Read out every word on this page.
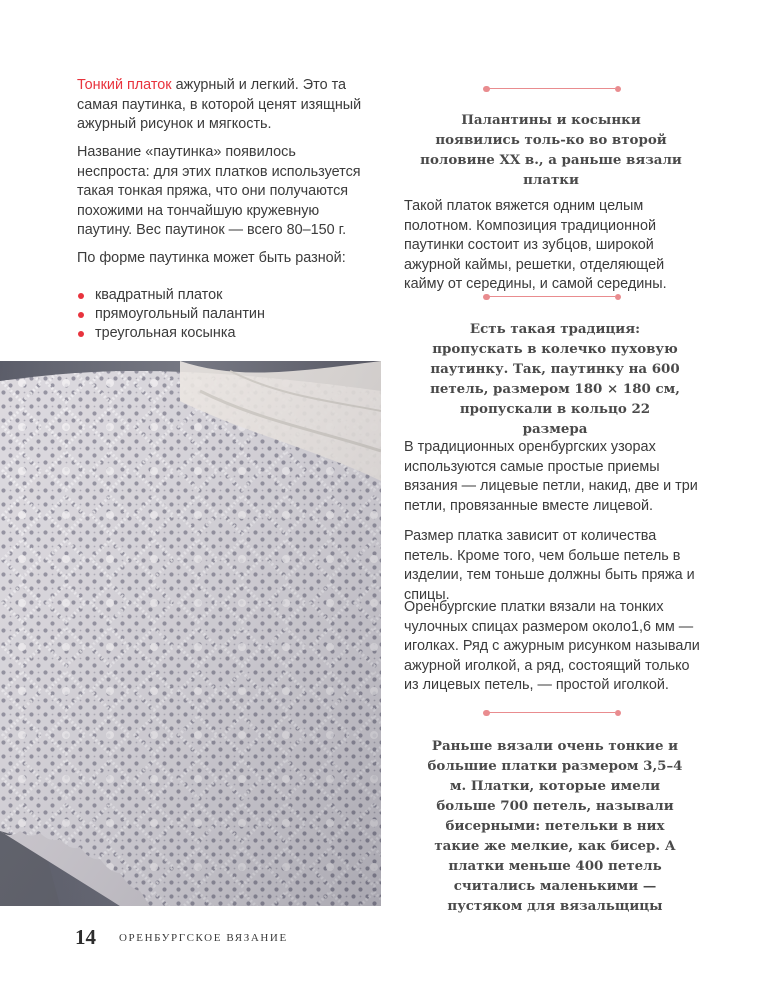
Тонкий платок ажурный и легкий. Это та самая паутинка, в которой ценят изящный ажурный рисунок и мягкость.

Название «паутинка» появилось неспроста: для этих платков используется такая тонкая пряжа, что они получаются похожими на тончайшую кружевную паутину. Вес паутинок — всего 80–150 г.

По форме паутинка может быть разной:

квадратный платок
прямоугольный палантин
треугольная косынка

Палантины и косынки появились толь-ко во второй половине XX в., а раньше вязали платки

Такой платок вяжется одним целым полотном. Композиция традиционной паутинки состоит из зубцов, широкой ажурной каймы, решетки, отделяющей кайму от середины, и самой середины.

Есть такая традиция: пропускать в колечко пуховую паутинку. Так, паутинку на 600 петель, размером 180 × 180 см, пропускали в кольцо 22 размера

В традиционных оренбургских узорах используются самые простые приемы вязания — лицевые петли, накид, две и три петли, провязанные вместе лицевой.

Размер платка зависит от количества петель. Кроме того, чем больше петель в изделии, тем тоньше должны быть пряжа и спицы.

Оренбургские платки вязали на тонких чулочных спицах размером около1,6 мм — иголках. Ряд с ажурным рисунком называли ажурной иголкой, а ряд, состоящий только из лицевых петель, — простой иголкой.

Раньше вязали очень тонкие и большие платки размером 3,5–4 м. Платки, которые имели больше 700 петель, называли бисерными: петельки в них такие же мелкие, как бисер. А платки меньше 400 петель считались маленькими — пустяком для вязальщицы

14 ОРЕНБУРГСКОЕ ВЯЗАНИЕ
